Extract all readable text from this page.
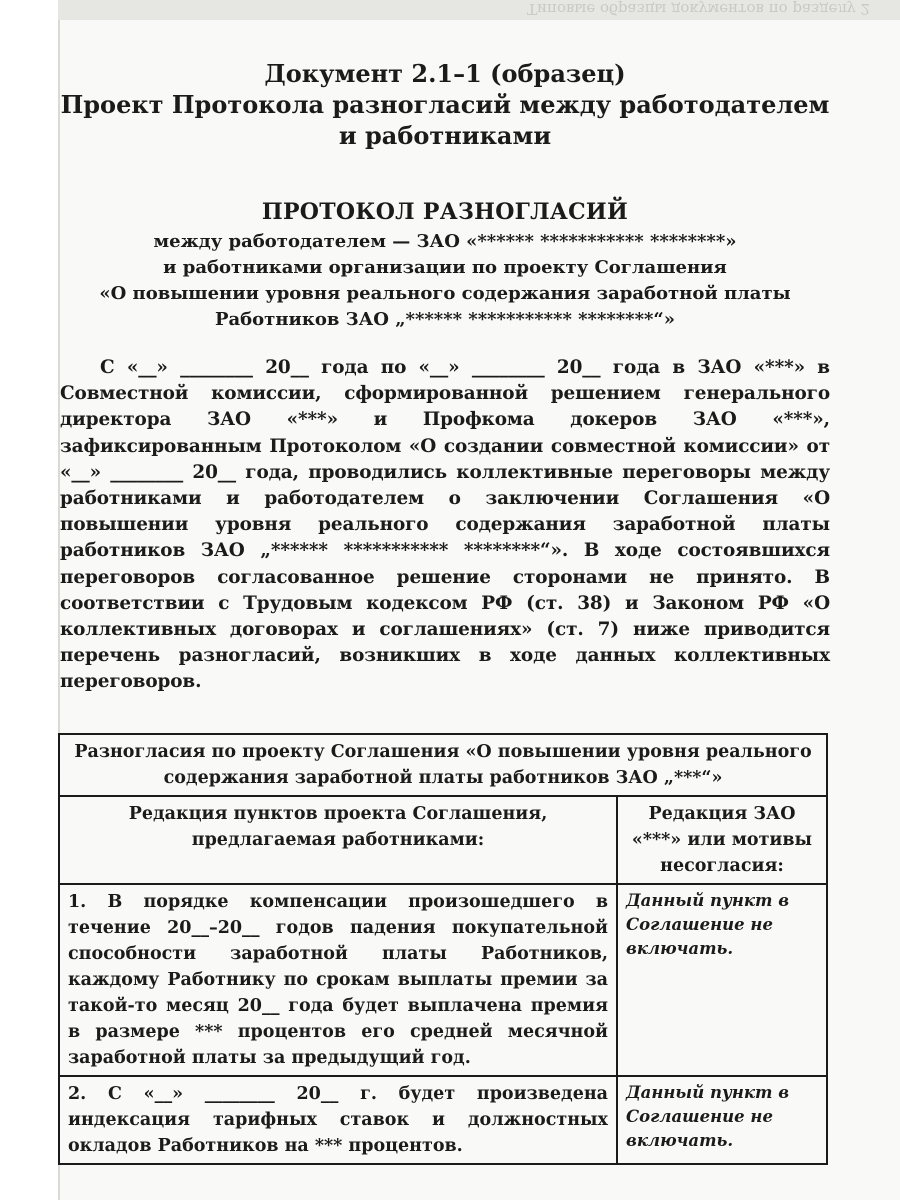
Типовые образцы документов по разделу 2
Документ 2.1–1 (образец)
Проект Протокола разногласий между работодателем
и работниками
ПРОТОКОЛ РАЗНОГЛАСИЙ
между работодателем — ЗАО «****** *********** ********»
и работниками организации по проекту Соглашения
«О повышении уровня реального содержания заработной платы
Работников ЗАО „****** *********** ********“»

С «__» ________ 20__ года по «__» ________ 20__ года в ЗАО «***» в Совместной комиссии, сформированной решением генерального директора ЗАО «***» и Профкома докеров ЗАО «***», зафиксированным Протоколом «О создании совместной комиссии» от «__» ________ 20__ года, проводились коллективные переговоры между работниками и работодателем о заключении Соглашения «О повышении уровня реального содержания заработной платы работников ЗАО „****** *********** ********“». В ходе состоявшихся переговоров согласованное решение сторонами не принято. В соответствии с Трудовым кодексом РФ (ст. 38) и Законом РФ «О коллективных договорах и соглашениях» (ст. 7) ниже приводится перечень разногласий, возникших в ходе данных коллективных переговоров.

Разногласия по проекту Соглашения «О повышении уровня реального содержания заработной платы работников ЗАО „***“»	
Редакция пунктов проекта Соглашения, предлагаемая работниками:	Редакция ЗАО «***» или мотивы несогласия:
1. В порядке компенсации произошедшего в течение 20__–20__ годов падения покупательной способности заработной платы Работников, каждому Работнику по срокам выплаты премии за такой-то месяц 20__ года будет выплачена премия в размере *** процентов его средней месячной заработной платы за предыдущий год.	Данный пункт в Соглашение не включать.
2. С «__» ________ 20__ г. будет произведена индексация тарифных ставок и должностных окладов Работников на *** процентов.	Данный пункт в Соглашение не включать.
